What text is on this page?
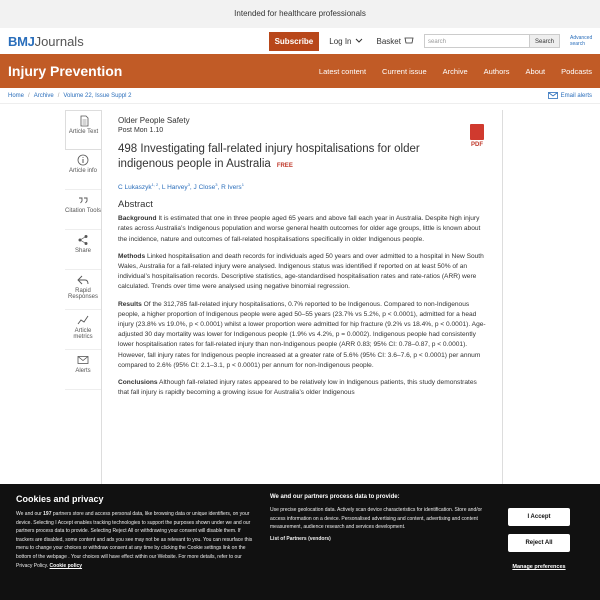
Intended for healthcare professionals
BMJ Journals	Subscribe	Log In	Basket	search	Search
Advanced search
Injury Prevention	Latest content Current issue Archive Authors About Podcasts
Home / Archive / Volume 22, Issue Suppl 2	Email alerts
Article Text
Article info
Citation Tools
Share
Rapid Responses
Article metrics
Alerts
Older People Safety
Post Mon 1.10
PDF
498 Investigating fall-related injury hospitalisations for older indigenous people in Australia FREE
C Lukaszyk$^{1, 2}$, L Harvey$^3$, J Close$^3$, R Ivers$^1$
Abstract

Background It is estimated that one in three people aged 65 years and above fall each year in Australia. Despite high injury rates across Australia’s Indigenous population and worse general health outcomes for older age groups, little is known about the incidence, nature and outcomes of fall-related hospitalisations specifically in older Indigenous people.

Methods Linked hospitalisation and death records for individuals aged 50 years and over admitted to a hospital in New South Wales, Australia for a fall-related injury were analysed. Indigenous status was identified if reported on at least 50% of an individual’s hospitalisation records. Descriptive statistics, age-standardised hospitalisation rates and rate-ratios (ARR) were calculated. Trends over time were analysed using negative binomial regression.

Results Of the 312,785 fall-related injury hospitalisations, 0.7% reported to be Indigenous. Compared to non-Indigenous people, a higher proportion of Indigenous people were aged 50–55 years (23.7% vs 5.2%, p < 0.0001), admitted for a head injury (23.8% vs 19.0%, p < 0.0001) whilst a lower proportion were admitted for hip fracture (9.2% vs 18.4%, p < 0.0001). Age-adjusted 30 day mortality was lower for Indigenous people (1.9% vs 4.2%, p = 0.0002). Indigenous people had consistently lower hospitalisation rates for fall-related injury than non-Indigenous people (ARR 0.83; 95% CI: 0.78–0.87, p < 0.0001). However, fall injury rates for Indigenous people increased at a greater rate of 5.6% (95% CI: 3.6–7.6, p < 0.0001) per annum compared to 2.6% (95% CI: 2.1–3.1, p < 0.0001) per annum for non-Indigenous people.

Conclusions Although fall-related injury rates appeared to be relatively low in Indigenous patients, this study demonstrates that fall injury is rapidly becoming a growing issue for Australia’s older Indigenous

Cookies and privacy
We and our 197 partners store and access personal data, like browsing data or unique identifiers, on your device. Selecting I Accept enables tracking technologies to support the purposes shown under we and our partners process data to provide. Selecting Reject All or withdrawing your consent will disable them. If trackers are disabled, some content and ads you see may not be as relevant to you. You can resurface this menu to change your choices or withdraw consent at any time by clicking the Cookie settings link on the bottom of the webpage . Your choices will have effect within our Website. For more details, refer to our Privacy Policy. Cookie policy
We and our partners process data to provide:
Use precise geolocation data. Actively scan device characteristics for identification. Store and/or access information on a device. Personalised advertising and content, advertising and content measurement, audience research and services development.
List of Partners (vendors)
I Accept
Reject All
Manage preferences
